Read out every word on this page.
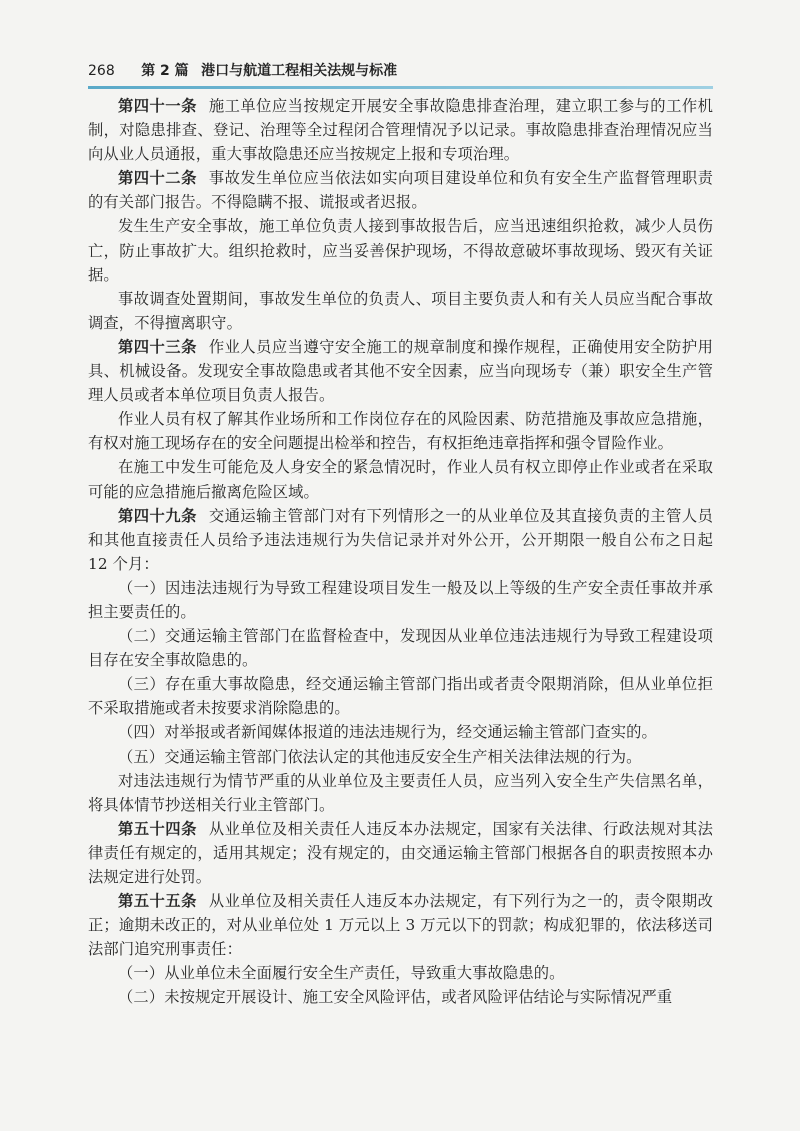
268 第 2 篇 港口与航道工程相关法规与标准

第四十一条 施工单位应当按规定开展安全事故隐患排查治理，建立职工参与的工作机制，对隐患排查、登记、治理等全过程闭合管理情况予以记录。事故隐患排查治理情况应当向从业人员通报，重大事故隐患还应当按规定上报和专项治理。

第四十二条 事故发生单位应当依法如实向项目建设单位和负有安全生产监督管理职责的有关部门报告。不得隐瞒不报、谎报或者迟报。

发生生产安全事故，施工单位负责人接到事故报告后，应当迅速组织抢救，减少人员伤亡，防止事故扩大。组织抢救时，应当妥善保护现场，不得故意破坏事故现场、毁灭有关证据。

事故调查处置期间，事故发生单位的负责人、项目主要负责人和有关人员应当配合事故调查，不得擅离职守。

第四十三条 作业人员应当遵守安全施工的规章制度和操作规程，正确使用安全防护用具、机械设备。发现安全事故隐患或者其他不安全因素，应当向现场专（兼）职安全生产管理人员或者本单位项目负责人报告。

作业人员有权了解其作业场所和工作岗位存在的风险因素、防范措施及事故应急措施，有权对施工现场存在的安全问题提出检举和控告，有权拒绝违章指挥和强令冒险作业。

在施工中发生可能危及人身安全的紧急情况时，作业人员有权立即停止作业或者在采取可能的应急措施后撤离危险区域。

第四十九条 交通运输主管部门对有下列情形之一的从业单位及其直接负责的主管人员和其他直接责任人员给予违法违规行为失信记录并对外公开，公开期限一般自公布之日起 12 个月：

（一）因违法违规行为导致工程建设项目发生一般及以上等级的生产安全责任事故并承担主要责任的。

（二）交通运输主管部门在监督检查中，发现因从业单位违法违规行为导致工程建设项目存在安全事故隐患的。

（三）存在重大事故隐患，经交通运输主管部门指出或者责令限期消除，但从业单位拒不采取措施或者未按要求消除隐患的。

（四）对举报或者新闻媒体报道的违法违规行为，经交通运输主管部门查实的。

（五）交通运输主管部门依法认定的其他违反安全生产相关法律法规的行为。

对违法违规行为情节严重的从业单位及主要责任人员，应当列入安全生产失信黑名单，将具体情节抄送相关行业主管部门。

第五十四条 从业单位及相关责任人违反本办法规定，国家有关法律、行政法规对其法律责任有规定的，适用其规定；没有规定的，由交通运输主管部门根据各自的职责按照本办法规定进行处罚。

第五十五条 从业单位及相关责任人违反本办法规定，有下列行为之一的，责令限期改正；逾期未改正的，对从业单位处 1 万元以上 3 万元以下的罚款；构成犯罪的，依法移送司法部门追究刑事责任：

（一）从业单位未全面履行安全生产责任，导致重大事故隐患的。

（二）未按规定开展设计、施工安全风险评估，或者风险评估结论与实际情况严重
